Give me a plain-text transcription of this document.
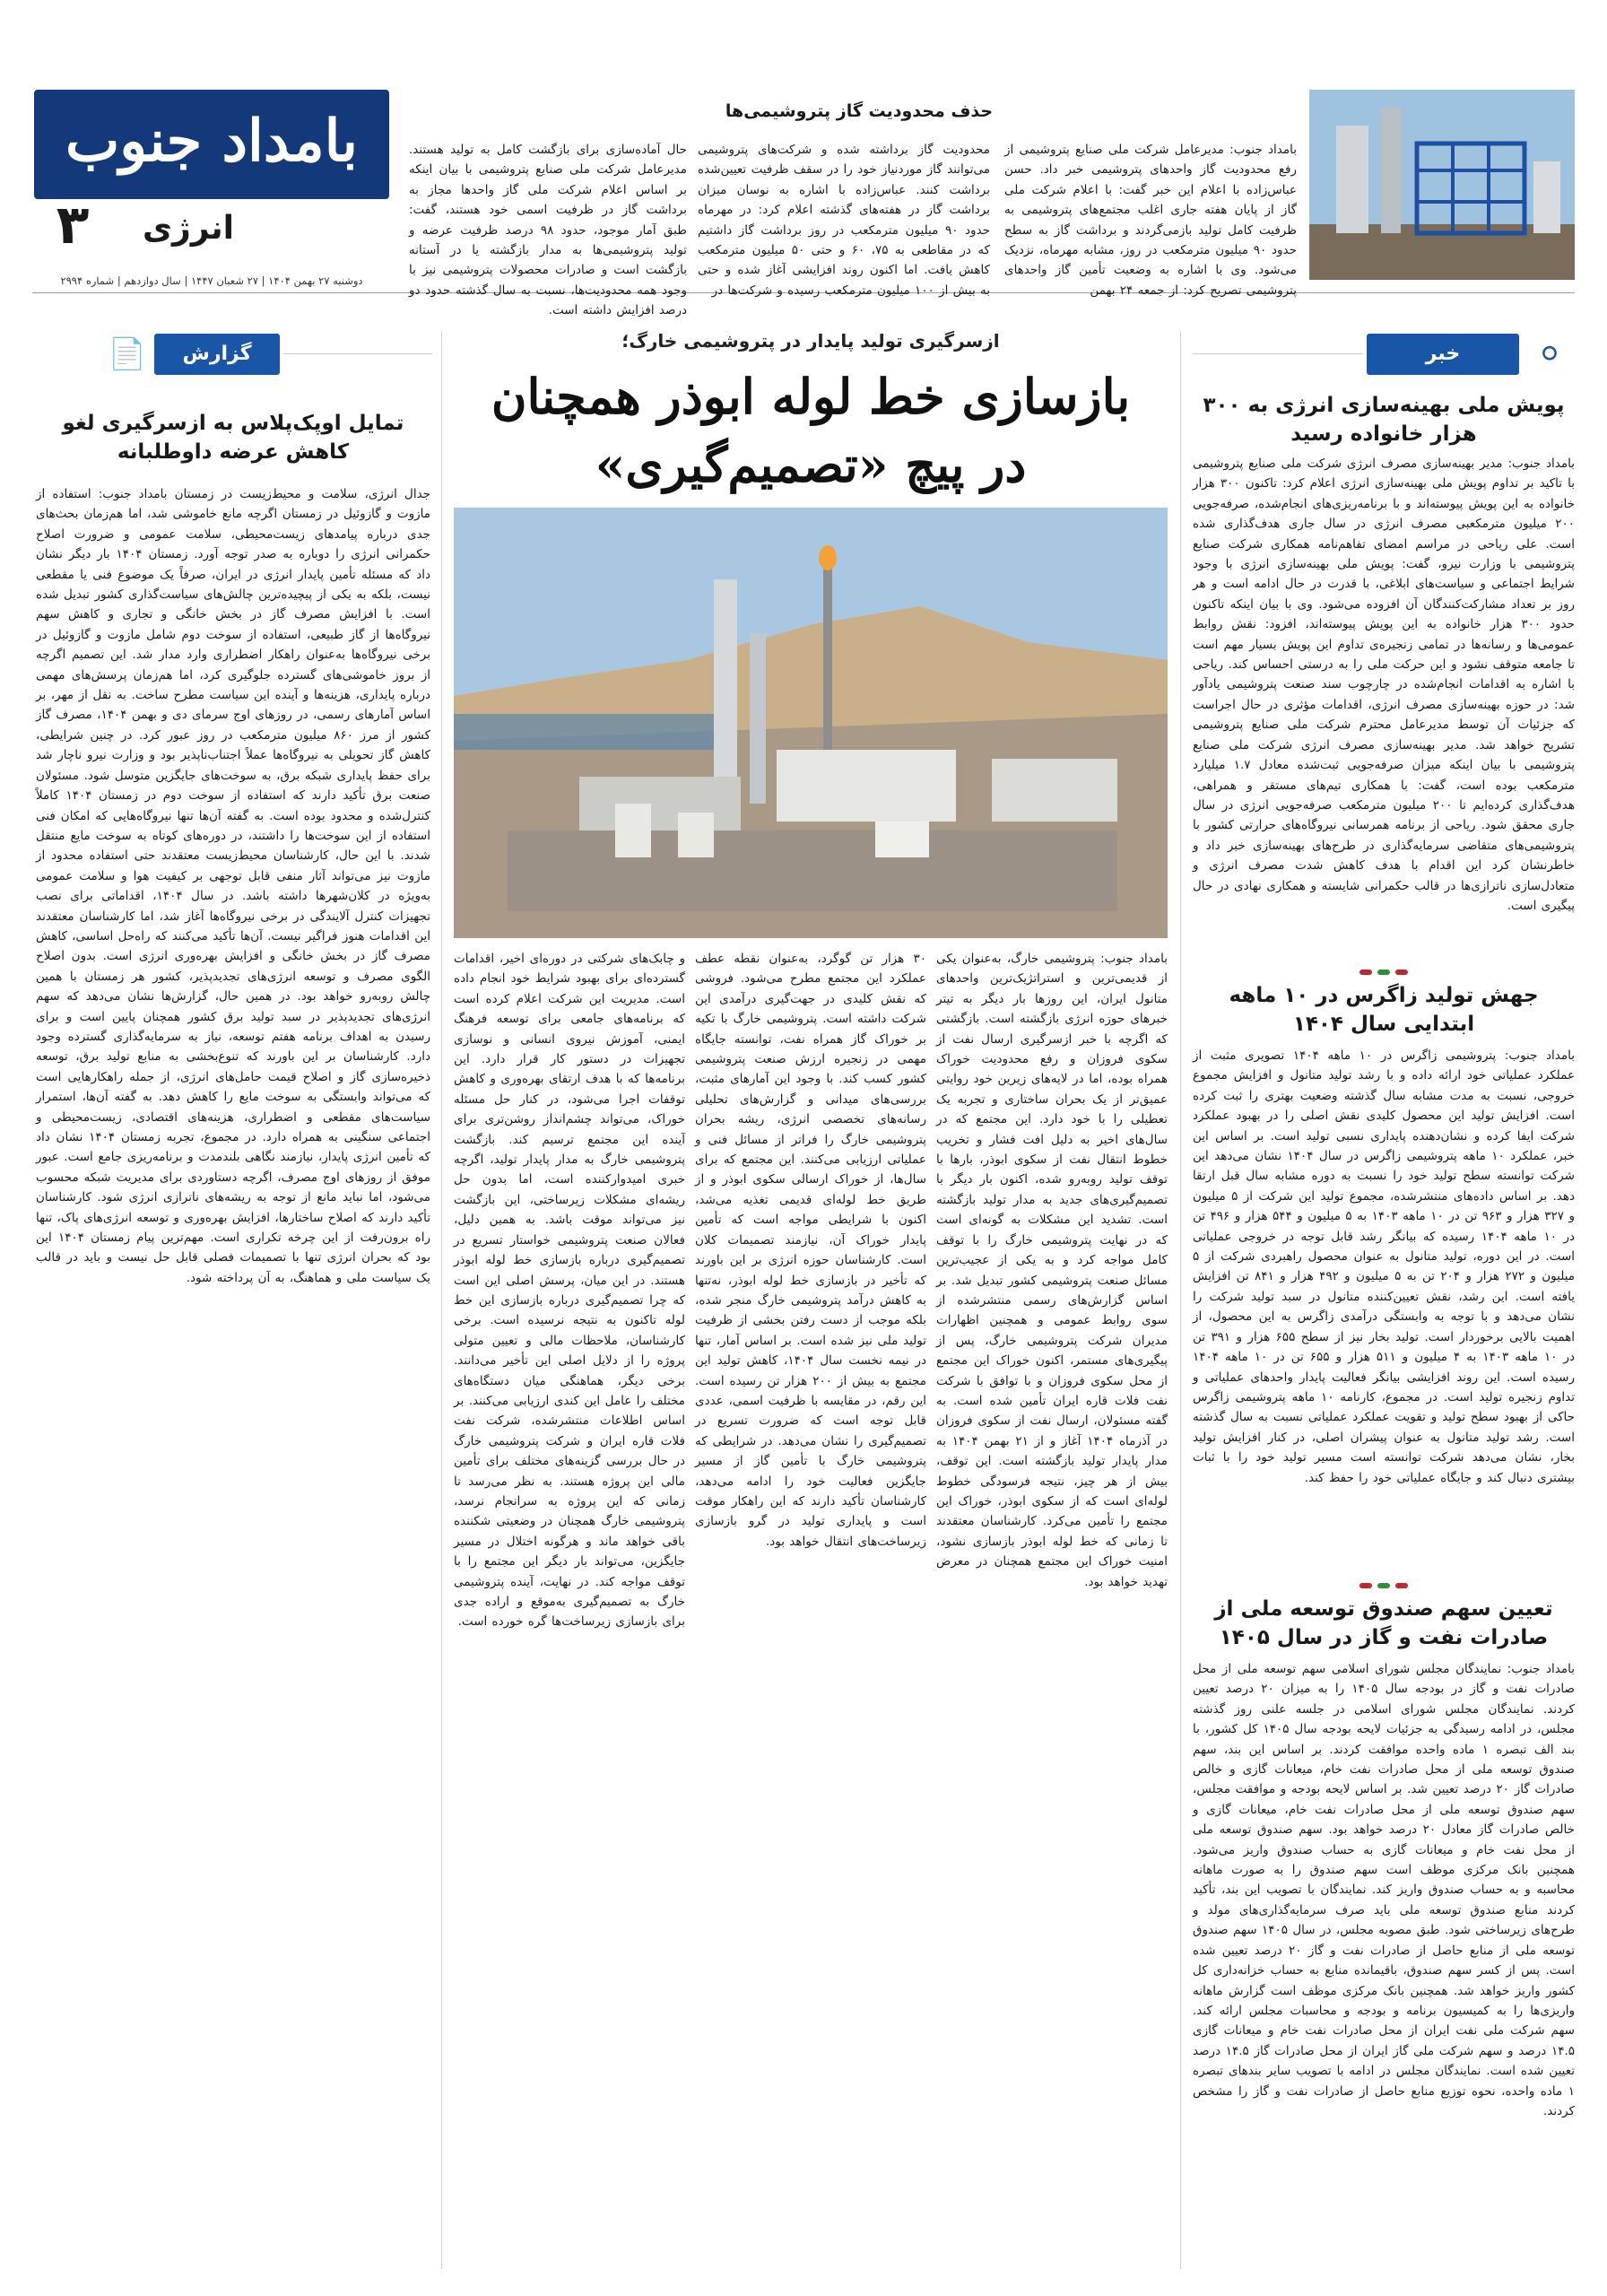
بامداد جنوب
انرژی
۳
دوشنبه ۲۷ بهمن ۱۴۰۴ | ۲۷ شعبان ۱۴۴۷ | سال دوازدهم | شماره ۲۹۹۴
حذف محدودیت گاز پتروشیمی‌ها
بامداد جنوب: مدیرعامل شرکت ملی صنایع پتروشیمی از رفع محدودیت گاز واحدهای پتروشیمی خبر داد. حسن عباس‌زاده با اعلام این خبر گفت: با اعلام شرکت ملی گاز از پایان هفته جاری اغلب مجتمع‌های پتروشیمی به ظرفیت کامل تولید بازمی‌گردند و برداشت گاز به سطح حدود ۹۰ میلیون مترمکعب در روز، مشابه مهرماه، نزدیک می‌شود. وی با اشاره به وضعیت تأمین گاز واحدهای پتروشیمی تصریح کرد: از جمعه ۲۴ بهمن
محدودیت گاز برداشته شده و شرکت‌های پتروشیمی می‌توانند گاز موردنیاز خود را در سقف ظرفیت تعیین‌شده برداشت کنند. عباس‌زاده با اشاره به نوسان میزان برداشت گاز در هفته‌های گذشته اعلام کرد: در مهرماه حدود ۹۰ میلیون مترمکعب در روز برداشت گاز داشتیم که در مقاطعی به ۷۵، ۶۰ و حتی ۵۰ میلیون مترمکعب کاهش یافت. اما اکنون روند افزایشی آغاز شده و حتی به بیش از ۱۰۰ میلیون مترمکعب رسیده و شرکت‌ها در
حال آماده‌سازی برای بازگشت کامل به تولید هستند. مدیرعامل شرکت ملی صنایع پتروشیمی با بیان اینکه بر اساس اعلام شرکت ملی گاز واحدها مجاز به برداشت گاز در ظرفیت اسمی خود هستند، گفت: طبق آمار موجود، حدود ۹۸ درصد ظرفیت عرضه و تولید پتروشیمی‌ها به مدار بازگشته یا در آستانه بازگشت است و صادرات محصولات پتروشیمی نیز با وجود همه محدودیت‌ها، نسبت به سال گذشته حدود دو درصد افزایش داشته است.
خبر	⚪
پویش ملی بهینه‌سازی انرژی به ۳۰۰ هزار خانواده رسید
بامداد جنوب: مدیر بهینه‌سازی مصرف انرژی شرکت ملی صنایع پتروشیمی با تاکید بر تداوم پویش ملی بهینه‌سازی انرژی اعلام کرد: تاکنون ۳۰۰ هزار خانواده به این پویش پیوسته‌اند و با برنامه‌ریزی‌های انجام‌شده، صرفه‌جویی ۲۰۰ میلیون مترمکعبی مصرف انرژی در سال جاری هدف‌گذاری شده است. علی ریاحی در مراسم امضای تفاهم‌نامه همکاری شرکت صنایع پتروشیمی با وزارت نیرو، گفت: پویش ملی بهینه‌سازی انرژی با وجود شرایط اجتماعی و سیاست‌های ابلاغی، با قدرت در حال ادامه است و هر روز بر تعداد مشارکت‌کنندگان آن افزوده می‌شود. وی با بیان اینکه تاکنون حدود ۳۰۰ هزار خانواده به این پویش پیوسته‌اند، افزود: نقش روابط عمومی‌ها و رسانه‌ها در تمامی زنجیره‌ی تداوم این پویش بسیار مهم است تا جامعه متوقف نشود و این حرکت ملی را به درستی احساس کند. ریاحی با اشاره به اقدامات انجام‌شده در چارچوب سند صنعت پتروشیمی یادآور شد: در حوزه بهینه‌سازی مصرف انرژی، اقدامات مؤثری در حال اجراست که جزئیات آن توسط مدیرعامل محترم شرکت ملی صنایع پتروشیمی تشریح خواهد شد. مدیر بهینه‌سازی مصرف انرژی شرکت ملی صنایع پتروشیمی با بیان اینکه میزان صرفه‌جویی ثبت‌شده معادل ۱.۷ میلیارد مترمکعب بوده است، گفت: با همکاری تیم‌های مستقر و همراهی، هدف‌گذاری کرده‌ایم تا ۲۰۰ میلیون مترمکعب صرفه‌جویی انرژی در سال جاری محقق شود. ریاحی از برنامه همرسانی نیروگاه‌های حرارتی کشور با پتروشیمی‌های متقاضی سرمایه‌گذاری در طرح‌های بهینه‌سازی خبر داد و خاطرنشان کرد این اقدام با هدف کاهش شدت مصرف انرژی و متعادل‌سازی ناترازی‌ها در قالب حکمرانی شایسته و همکاری نهادی در حال پیگیری است.
جهش تولید زاگرس در ۱۰ ماهه ابتدایی سال ۱۴۰۴
بامداد جنوب: پتروشیمی زاگرس در ۱۰ ماهه ۱۴۰۴ تصویری مثبت از عملکرد عملیاتی خود ارائه داده و با رشد تولید متانول و افزایش مجموع خروجی، نسبت به مدت مشابه سال گذشته وضعیت بهتری را ثبت کرده است. افزایش تولید این محصول کلیدی نقش اصلی را در بهبود عملکرد شرکت ایفا کرده و نشان‌دهنده پایداری نسبی تولید است. بر اساس این خبر، عملکرد ۱۰ ماهه پتروشیمی زاگرس در سال ۱۴۰۴ نشان می‌دهد این شرکت توانسته سطح تولید خود را نسبت به دوره مشابه سال قبل ارتقا دهد. بر اساس داده‌های منتشرشده، مجموع تولید این شرکت از ۵ میلیون و ۳۲۷ هزار و ۹۶۳ تن در ۱۰ ماهه ۱۴۰۳ به ۵ میلیون و ۵۴۴ هزار و ۴۹۶ تن در ۱۰ ماهه ۱۴۰۴ رسیده که بیانگر رشد قابل توجه در خروجی عملیاتی است. در این دوره، تولید متانول به عنوان محصول راهبردی شرکت از ۵ میلیون و ۲۷۲ هزار و ۲۰۴ تن به ۵ میلیون و ۴۹۲ هزار و ۸۴۱ تن افزایش یافته است. این رشد، نقش تعیین‌کننده متانول در سبد تولید شرکت را نشان می‌دهد و با توجه به وابستگی درآمدی زاگرس به این محصول، از اهمیت بالایی برخوردار است. تولید بخار نیز از سطح ۶۵۵ هزار و ۳۹۱ تن در ۱۰ ماهه ۱۴۰۳ به ۴ میلیون و ۵۱۱ هزار و ۶۵۵ تن در ۱۰ ماهه ۱۴۰۴ رسیده است. این روند افزایشی بیانگر فعالیت پایدار واحدهای عملیاتی و تداوم زنجیره تولید است. در مجموع، کارنامه ۱۰ ماهه پتروشیمی زاگرس حاکی از بهبود سطح تولید و تقویت عملکرد عملیاتی نسبت به سال گذشته است. رشد تولید متانول به عنوان پیشران اصلی، در کنار افزایش تولید بخار، نشان می‌دهد شرکت توانسته است مسیر تولید خود را با ثبات بیشتری دنبال کند و جایگاه عملیاتی خود را حفظ کند.
تعیین سهم صندوق توسعه ملی از صادرات نفت و گاز در سال ۱۴۰۵
بامداد جنوب: نمایندگان مجلس شورای اسلامی سهم توسعه ملی از محل صادرات نفت و گاز در بودجه سال ۱۴۰۵ را به میزان ۲۰ درصد تعیین کردند. نمایندگان مجلس شورای اسلامی در جلسه علنی روز گذشته مجلس، در ادامه رسیدگی به جزئیات لایحه بودجه سال ۱۴۰۵ کل کشور، با بند الف تبصره ۱ ماده واحده موافقت کردند. بر اساس این بند، سهم صندوق توسعه ملی از محل صادرات نفت خام، میعانات گازی و خالص صادرات گاز ۲۰ درصد تعیین شد. بر اساس لایحه بودجه و موافقت مجلس، سهم صندوق توسعه ملی از محل صادرات نفت خام، میعانات گازی و خالص صادرات گاز معادل ۲۰ درصد خواهد بود. سهم صندوق توسعه ملی از محل نفت خام و میعانات گازی به حساب صندوق واریز می‌شود. همچنین بانک مرکزی موظف است سهم صندوق را به صورت ماهانه محاسبه و به حساب صندوق واریز کند. نمایندگان با تصویب این بند، تأکید کردند منابع صندوق توسعه ملی باید صرف سرمایه‌گذاری‌های مولد و طرح‌های زیرساختی شود. طبق مصوبه مجلس، در سال ۱۴۰۵ سهم صندوق توسعه ملی از منابع حاصل از صادرات نفت و گاز ۲۰ درصد تعیین شده است. پس از کسر سهم صندوق، باقیمانده منابع به حساب خزانه‌داری کل کشور واریز خواهد شد. همچنین بانک مرکزی موظف است گزارش ماهانه واریزی‌ها را به کمیسیون برنامه و بودجه و محاسبات مجلس ارائه کند. سهم شرکت ملی نفت ایران از محل صادرات نفت خام و میعانات گازی ۱۴.۵ درصد و سهم شرکت ملی گاز ایران از محل صادرات گاز ۱۴.۵ درصد تعیین شده است. نمایندگان مجلس در ادامه با تصویب سایر بندهای تبصره ۱ ماده واحده، نحوه توزیع منابع حاصل از صادرات نفت و گاز را مشخص کردند.
ازسرگیری تولید پایدار در پتروشیمی خارگ؛
بازسازی خط لوله ابوذر همچنان
در پیچ «تصمیم‌گیری»
بامداد جنوب: پتروشیمی خارگ، به‌عنوان یکی از قدیمی‌ترین و استراتژیک‌ترین واحدهای متانول ایران، این روزها بار دیگر به تیتر خبرهای حوزه انرژی بازگشته است. بازگشتی که اگرچه با خبر ازسرگیری ارسال نفت از سکوی فروزان و رفع محدودیت خوراک همراه بوده، اما در لایه‌های زیرین خود روایتی عمیق‌تر از یک بحران ساختاری و تجربه یک تعطیلی را با خود دارد. این مجتمع که در سال‌های اخیر به دلیل افت فشار و تخریب خطوط انتقال نفت از سکوی ابوذر، بارها با توقف تولید روبه‌رو شده، اکنون بار دیگر با تصمیم‌گیری‌های جدید به مدار تولید بازگشته است. تشدید این مشکلات به گونه‌ای است که در نهایت پتروشیمی خارگ را با توقف کامل مواجه کرد و به یکی از عجیب‌ترین مسائل صنعت پتروشیمی کشور تبدیل شد. بر اساس گزارش‌های رسمی منتشرشده از سوی روابط عمومی و همچنین اظهارات مدیران شرکت پتروشیمی خارگ، پس از پیگیری‌های مستمر، اکنون خوراک این مجتمع از محل سکوی فروزان و با توافق با شرکت نفت فلات قاره ایران تأمین شده است. به گفته مسئولان، ارسال نفت از سکوی فروزان در آذرماه ۱۴۰۴ آغاز و از ۲۱ بهمن ۱۴۰۴ به مدار پایدار تولید بازگشته است. این توقف، بیش از هر چیز، نتیجه فرسودگی خطوط لوله‌ای است که از سکوی ابوذر، خوراک این مجتمع را تأمین می‌کرد. کارشناسان معتقدند تا زمانی که خط لوله ابوذر بازسازی نشود، امنیت خوراک این مجتمع همچنان در معرض تهدید خواهد بود.
۳۰ هزار تن گوگرد، به‌عنوان نقطه عطف عملکرد این مجتمع مطرح می‌شود. فروشی که نقش کلیدی در جهت‌گیری درآمدی این شرکت داشته است. پتروشیمی خارگ با تکیه بر خوراک گاز همراه نفت، توانسته جایگاه مهمی در زنجیره ارزش صنعت پتروشیمی کشور کسب کند. با وجود این آمارهای مثبت، بررسی‌های میدانی و گزارش‌های تحلیلی رسانه‌های تخصصی انرژی، ریشه بحران پتروشیمی خارگ را فراتر از مسائل فنی و عملیاتی ارزیابی می‌کنند. این مجتمع که برای سال‌ها، از خوراک ارسالی سکوی ابوذر و از طریق خط لوله‌ای قدیمی تغذیه می‌شد، اکنون با شرایطی مواجه است که تأمین پایدار خوراک آن، نیازمند تصمیمات کلان است. کارشناسان حوزه انرژی بر این باورند که تأخیر در بازسازی خط لوله ابوذر، نه‌تنها به کاهش درآمد پتروشیمی خارگ منجر شده، بلکه موجب از دست رفتن بخشی از ظرفیت تولید ملی نیز شده است. بر اساس آمار، تنها در نیمه نخست سال ۱۴۰۴، کاهش تولید این مجتمع به بیش از ۲۰۰ هزار تن رسیده است. این رقم، در مقایسه با ظرفیت اسمی، عددی قابل توجه است که ضرورت تسریع در تصمیم‌گیری را نشان می‌دهد. در شرایطی که پتروشیمی خارگ با تأمین گاز از مسیر جایگزین فعالیت خود را ادامه می‌دهد، کارشناسان تأکید دارند که این راهکار موقت است و پایداری تولید در گرو بازسازی زیرساخت‌های انتقال خواهد بود.
و چابک‌های شرکتی در دوره‌ای اخیر، اقدامات گسترده‌ای برای بهبود شرایط خود انجام داده است. مدیریت این شرکت اعلام کرده است که برنامه‌های جامعی برای توسعه فرهنگ ایمنی، آموزش نیروی انسانی و نوسازی تجهیزات در دستور کار قرار دارد. این برنامه‌ها که با هدف ارتقای بهره‌وری و کاهش توقفات اجرا می‌شود، در کنار حل مسئله خوراک، می‌تواند چشم‌انداز روشن‌تری برای آینده این مجتمع ترسیم کند. بازگشت پتروشیمی خارگ به مدار پایدار تولید، اگرچه خبری امیدوارکننده است، اما بدون حل ریشه‌ای مشکلات زیرساختی، این بازگشت نیز می‌تواند موقت باشد. به همین دلیل، فعالان صنعت پتروشیمی خواستار تسریع در تصمیم‌گیری درباره بازسازی خط لوله ابوذر هستند. در این میان، پرسش اصلی این است که چرا تصمیم‌گیری درباره بازسازی این خط لوله تاکنون به نتیجه نرسیده است. برخی کارشناسان، ملاحظات مالی و تعیین متولی پروژه را از دلایل اصلی این تأخیر می‌دانند. برخی دیگر، هماهنگی میان دستگاه‌های مختلف را عامل این کندی ارزیابی می‌کنند. بر اساس اطلاعات منتشرشده، شرکت نفت فلات قاره ایران و شرکت پتروشیمی خارگ در حال بررسی گزینه‌های مختلف برای تأمین مالی این پروژه هستند. به نظر می‌رسد تا زمانی که این پروژه به سرانجام نرسد، پتروشیمی خارگ همچنان در وضعیتی شکننده باقی خواهد ماند و هرگونه اختلال در مسیر جایگزین، می‌تواند بار دیگر این مجتمع را با توقف مواجه کند. در نهایت، آینده پتروشیمی خارگ به تصمیم‌گیری به‌موقع و اراده جدی برای بازسازی زیرساخت‌ها گره خورده است.
گزارش
📄
تمایل اوپک‌پلاس به ازسرگیری لغو کاهش عرضه داوطلبانه
جدال انرژی، سلامت و محیط‌زیست در زمستان بامداد جنوب: استفاده از مازوت و گازوئیل در زمستان اگرچه مانع خاموشی شد، اما هم‌زمان بحث‌های جدی درباره پیامدهای زیست‌محیطی، سلامت عمومی و ضرورت اصلاح حکمرانی انرژی را دوباره به صدر توجه آورد. زمستان ۱۴۰۴ بار دیگر نشان داد که مسئله تأمین پایدار انرژی در ایران، صرفاً یک موضوع فنی یا مقطعی نیست، بلکه به یکی از پیچیده‌ترین چالش‌های سیاست‌گذاری کشور تبدیل شده است. با افزایش مصرف گاز در بخش خانگی و تجاری و کاهش سهم نیروگاه‌ها از گاز طبیعی، استفاده از سوخت دوم شامل مازوت و گازوئیل در برخی نیروگاه‌ها به‌عنوان راهکار اضطراری وارد مدار شد. این تصمیم اگرچه از بروز خاموشی‌های گسترده جلوگیری کرد، اما هم‌زمان پرسش‌های مهمی درباره پایداری، هزینه‌ها و آینده این سیاست مطرح ساخت. به نقل از مهر، بر اساس آمارهای رسمی، در روزهای اوج سرمای دی و بهمن ۱۴۰۴، مصرف گاز کشور از مرز ۸۶۰ میلیون مترمکعب در روز عبور کرد. در چنین شرایطی، کاهش گاز تحویلی به نیروگاه‌ها عملاً اجتناب‌ناپذیر بود و وزارت نیرو ناچار شد برای حفظ پایداری شبکه برق، به سوخت‌های جایگزین متوسل شود. مسئولان صنعت برق تأکید دارند که استفاده از سوخت دوم در زمستان ۱۴۰۴ کاملاً کنترل‌شده و محدود بوده است. به گفته آن‌ها تنها نیروگاه‌هایی که امکان فنی استفاده از این سوخت‌ها را داشتند، در دوره‌های کوتاه به سوخت مایع منتقل شدند. با این حال، کارشناسان محیط‌زیست معتقدند حتی استفاده محدود از مازوت نیز می‌تواند آثار منفی قابل توجهی بر کیفیت هوا و سلامت عمومی به‌ویژه در کلان‌شهرها داشته باشد. در سال ۱۴۰۴، اقداماتی برای نصب تجهیزات کنترل آلایندگی در برخی نیروگاه‌ها آغاز شد، اما کارشناسان معتقدند این اقدامات هنوز فراگیر نیست. آن‌ها تأکید می‌کنند که راه‌حل اساسی، کاهش مصرف گاز در بخش خانگی و افزایش بهره‌وری انرژی است. بدون اصلاح الگوی مصرف و توسعه انرژی‌های تجدیدپذیر، کشور هر زمستان با همین چالش روبه‌رو خواهد بود. در همین حال، گزارش‌ها نشان می‌دهد که سهم انرژی‌های تجدیدپذیر در سبد تولید برق کشور همچنان پایین است و برای رسیدن به اهداف برنامه هفتم توسعه، نیاز به سرمایه‌گذاری گسترده وجود دارد. کارشناسان بر این باورند که تنوع‌بخشی به منابع تولید برق، توسعه ذخیره‌سازی گاز و اصلاح قیمت حامل‌های انرژی، از جمله راهکارهایی است که می‌تواند وابستگی به سوخت مایع را کاهش دهد. به گفته آن‌ها، استمرار سیاست‌های مقطعی و اضطراری، هزینه‌های اقتصادی، زیست‌محیطی و اجتماعی سنگینی به همراه دارد. در مجموع، تجربه زمستان ۱۴۰۴ نشان داد که تأمین انرژی پایدار، نیازمند نگاهی بلندمدت و برنامه‌ریزی جامع است. عبور موفق از روزهای اوج مصرف، اگرچه دستاوردی برای مدیریت شبکه محسوب می‌شود، اما نباید مانع از توجه به ریشه‌های ناترازی انرژی شود. کارشناسان تأکید دارند که اصلاح ساختارها، افزایش بهره‌وری و توسعه انرژی‌های پاک، تنها راه برون‌رفت از این چرخه تکراری است. مهم‌ترین پیام زمستان ۱۴۰۴ این بود که بحران انرژی تنها با تصمیمات فصلی قابل حل نیست و باید در قالب یک سیاست ملی و هماهنگ، به آن پرداخته شود.
